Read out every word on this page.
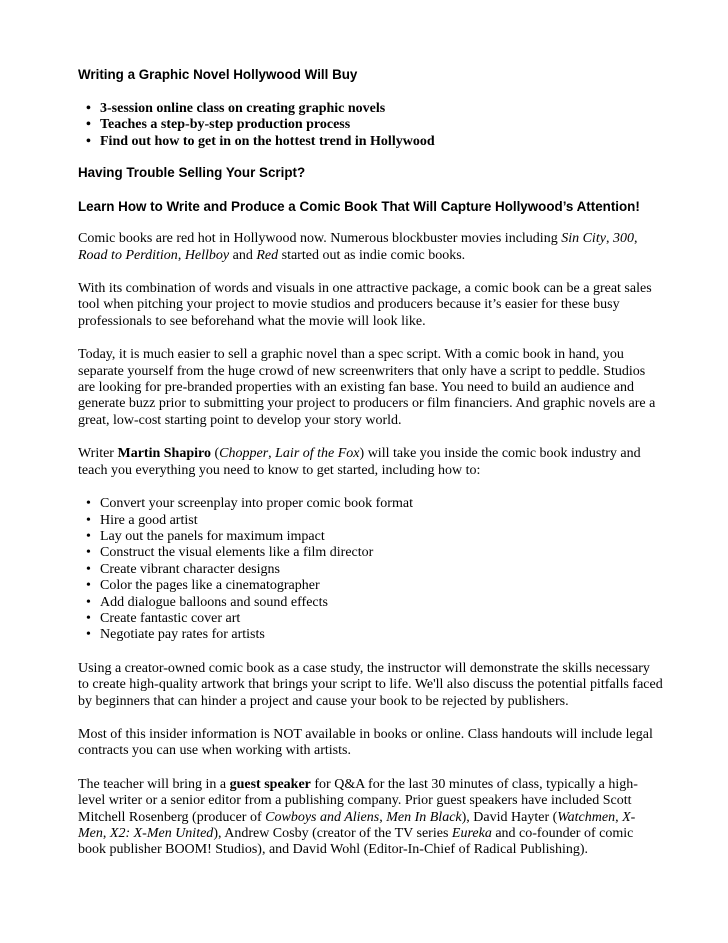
Writing a Graphic Novel Hollywood Will Buy
• 3-session online class on creating graphic novels
• Teaches a step-by-step production process
• Find out how to get in on the hottest trend in Hollywood
Having Trouble Selling Your Script?
Learn How to Write and Produce a Comic Book That Will Capture Hollywood’s Attention!

Comic books are red hot in Hollywood now. Numerous blockbuster movies including Sin City, 300, Road to Perdition, Hellboy and Red started out as indie comic books.

With its combination of words and visuals in one attractive package, a comic book can be a great sales tool when pitching your project to movie studios and producers because it’s easier for these busy professionals to see beforehand what the movie will look like.

Today, it is much easier to sell a graphic novel than a spec script. With a comic book in hand, you separate yourself from the huge crowd of new screenwriters that only have a script to peddle. Studios are looking for pre-branded properties with an existing fan base. You need to build an audience and generate buzz prior to submitting your project to producers or film financiers. And graphic novels are a great, low-cost starting point to develop your story world.

Writer Martin Shapiro (Chopper, Lair of the Fox) will take you inside the comic book industry and teach you everything you need to know to get started, including how to:

• Convert your screenplay into proper comic book format
• Hire a good artist
• Lay out the panels for maximum impact
• Construct the visual elements like a film director
• Create vibrant character designs
• Color the pages like a cinematographer
• Add dialogue balloons and sound effects
• Create fantastic cover art
• Negotiate pay rates for artists

Using a creator-owned comic book as a case study, the instructor will demonstrate the skills necessary to create high-quality artwork that brings your script to life. We'll also discuss the potential pitfalls faced by beginners that can hinder a project and cause your book to be rejected by publishers.

Most of this insider information is NOT available in books or online. Class handouts will include legal contracts you can use when working with artists.

The teacher will bring in a guest speaker for Q&A for the last 30 minutes of class, typically a high-level writer or a senior editor from a publishing company. Prior guest speakers have included Scott Mitchell Rosenberg (producer of Cowboys and Aliens, Men In Black), David Hayter (Watchmen, X-Men, X2: X-Men United), Andrew Cosby (creator of the TV series Eureka and co-founder of comic book publisher BOOM! Studios), and David Wohl (Editor-In-Chief of Radical Publishing).
